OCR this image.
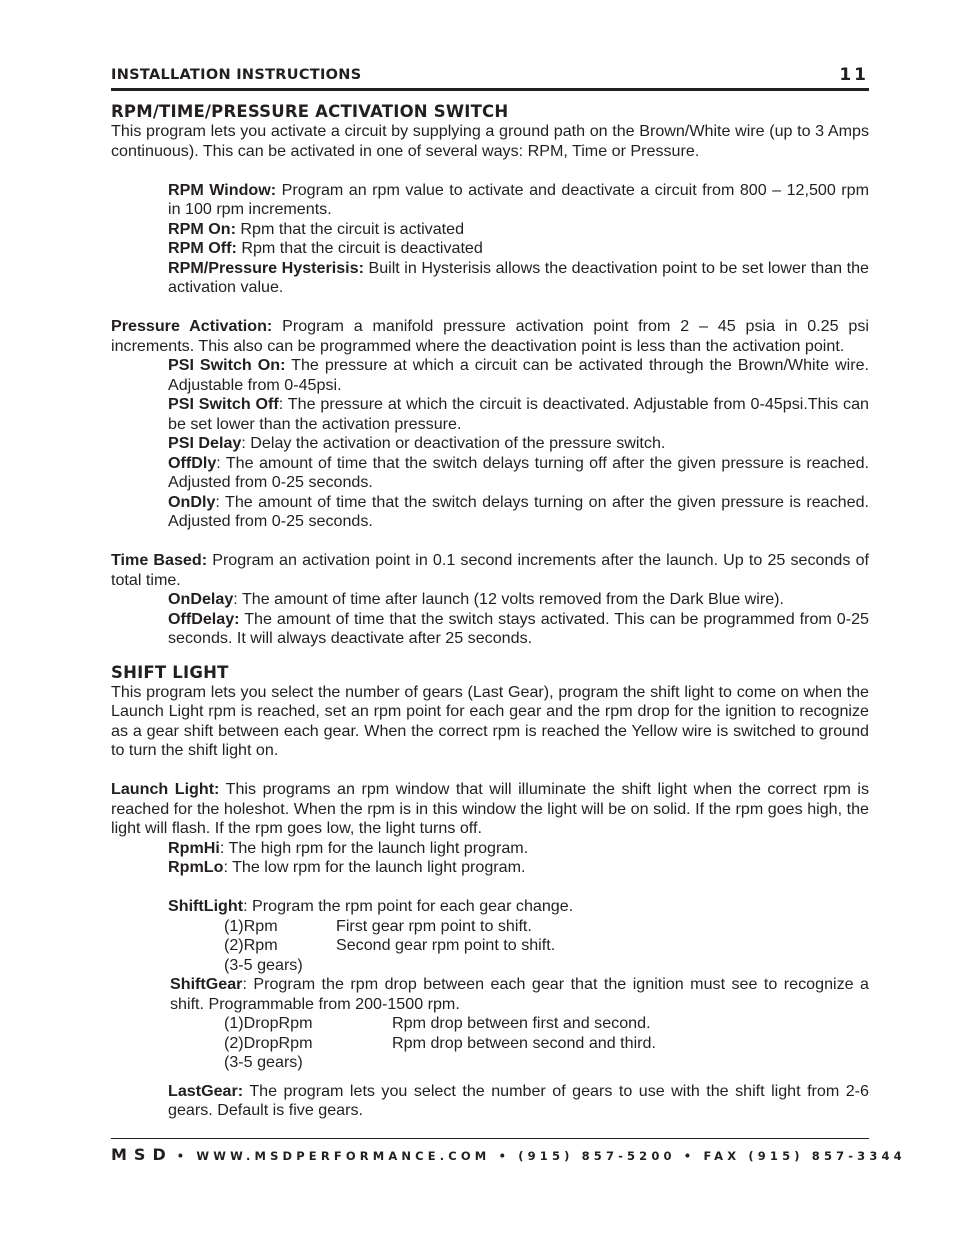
INSTALLATION INSTRUCTIONS	11
RPM/TIME/PRESSURE ACTIVATION SWITCH

This program lets you activate a circuit by supplying a ground path on the Brown/White wire (up to 3 Amps continuous). This can be activated in one of several ways: RPM, Time or Pressure.

RPM Window: Program an rpm value to activate and deactivate a circuit from 800 – 12,500 rpm in 100 rpm increments.

RPM On: Rpm that the circuit is activated

RPM Off: Rpm that the circuit is deactivated

RPM/Pressure Hysterisis: Built in Hysterisis allows the deactivation point to be set lower than the activation value.

Pressure Activation: Program a manifold pressure activation point from 2 – 45 psia in 0.25 psi increments. This also can be programmed where the deactivation point is less than the activation point.

PSI Switch On: The pressure at which a circuit can be activated through the Brown/White wire. Adjustable from 0-45psi.

PSI Switch Off: The pressure at which the circuit is deactivated. Adjustable from 0-45psi.This can be set lower than the activation pressure.

PSI Delay: Delay the activation or deactivation of the pressure switch.

OffDly: The amount of time that the switch delays turning off after the given pressure is reached. Adjusted from 0-25 seconds.

OnDly: The amount of time that the switch delays turning on after the given pressure is reached. Adjusted from 0-25 seconds.

Time Based: Program an activation point in 0.1 second increments after the launch. Up to 25 seconds of total time.

OnDelay: The amount of time after launch (12 volts removed from the Dark Blue wire).

OffDelay: The amount of time that the switch stays activated. This can be programmed from 0-25 seconds. It will always deactivate after 25 seconds.

SHIFT LIGHT

This program lets you select the number of gears (Last Gear), program the shift light to come on when the Launch Light rpm is reached, set an rpm point for each gear and the rpm drop for the ignition to recognize as a gear shift between each gear. When the correct rpm is reached the Yellow wire is switched to ground to turn the shift light on.

Launch Light: This programs an rpm window that will illuminate the shift light when the correct rpm is reached for the holeshot. When the rpm is in this window the light will be on solid. If the rpm goes high, the light will flash. If the rpm goes low, the light turns off.

RpmHi: The high rpm for the launch light program.

RpmLo: The low rpm for the launch light program.

ShiftLight: Program the rpm point for each gear change.

(1)Rpm	First gear rpm point to shift.
(2)Rpm	Second gear rpm point to shift.
(3-5 gears)

ShiftGear: Program the rpm drop between each gear that the ignition must see to recognize a shift. Programmable from 200-1500 rpm.

(1)DropRpm	Rpm drop between first and second.
(2)DropRpm	Rpm drop between second and third.
(3-5 gears)

LastGear: The program lets you select the number of gears to use with the shift light from 2-6 gears. Default is five gears.

MSD • WWW.MSDPERFORMANCE.COM • (915) 857-5200 • FAX (915) 857-3344
